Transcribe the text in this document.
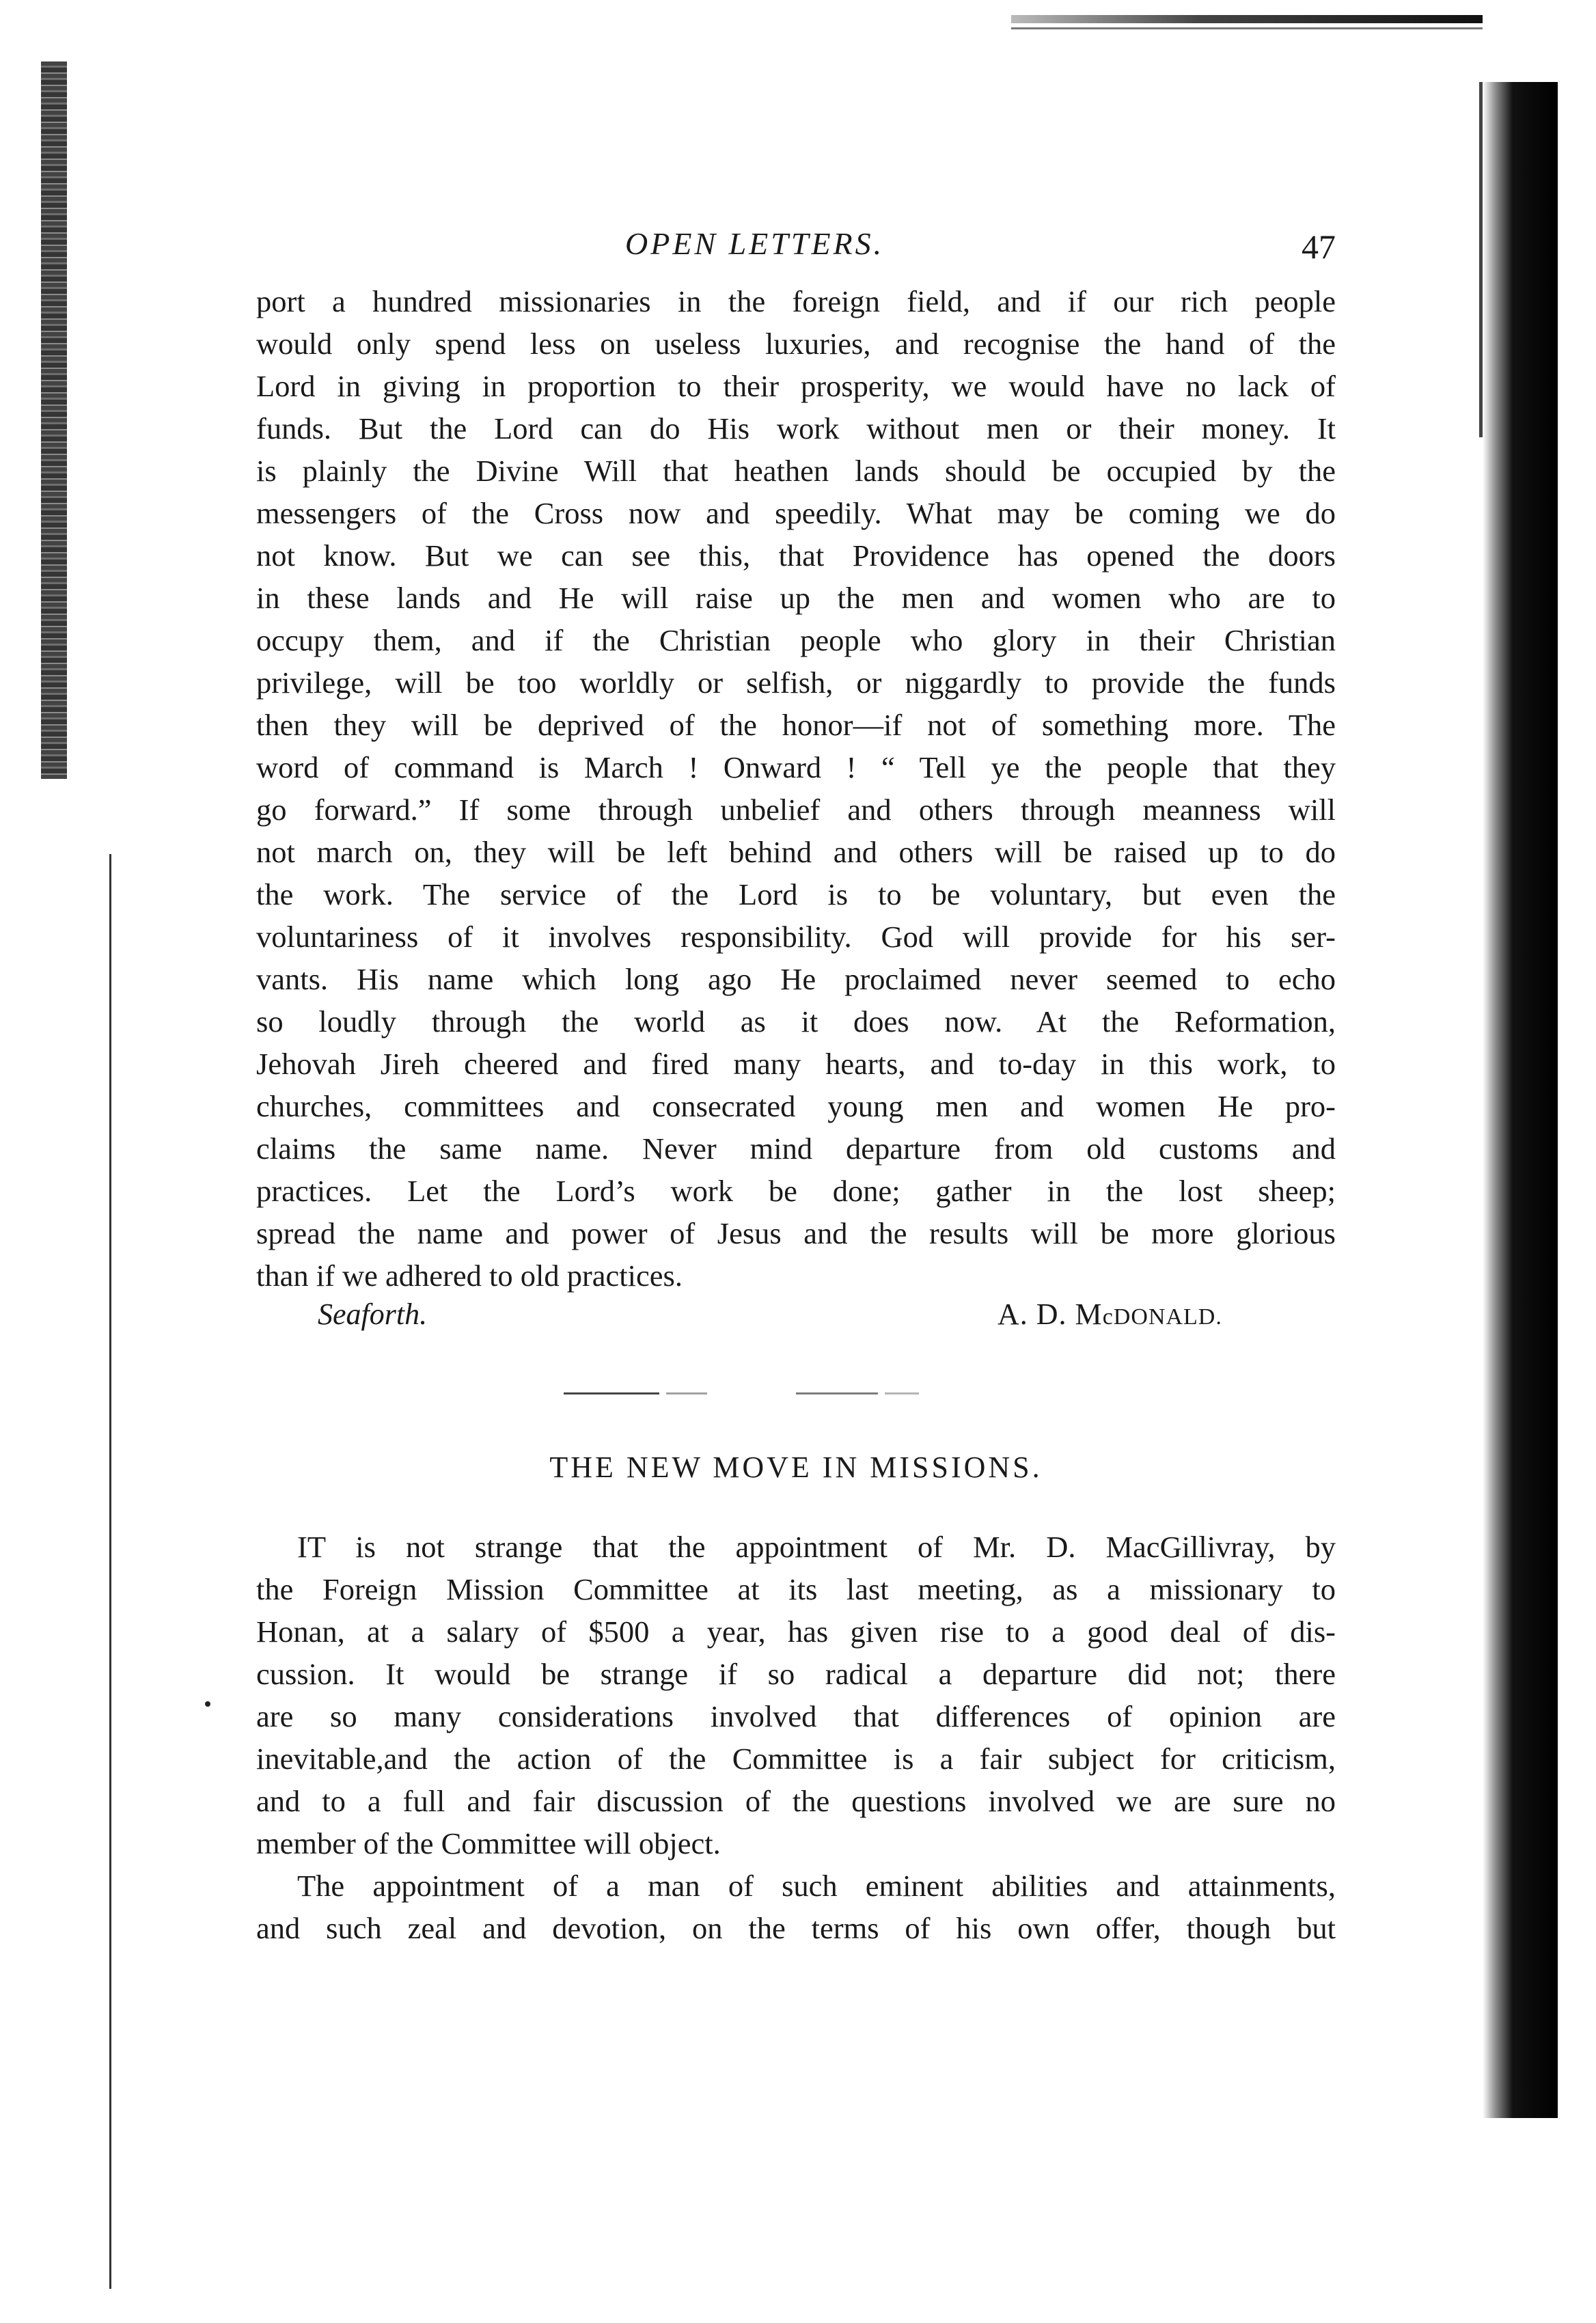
OPEN LETTERS.	47
port a hundred missionaries in the foreign field, and if our rich people
would only spend less on useless luxuries, and recognise the hand of the
Lord in giving in proportion to their prosperity, we would have no lack of
funds. But the Lord can do His work without men or their money. It
is plainly the Divine Will that heathen lands should be occupied by the
messengers of the Cross now and speedily. What may be coming we do
not know. But we can see this, that Providence has opened the doors
in these lands and He will raise up the men and women who are to
occupy them, and if the Christian people who glory in their Christian
privilege, will be too worldly or selfish, or niggardly to provide the funds
then they will be deprived of the honor—if not of something more. The
word of command is March ! Onward ! “ Tell ye the people that they
go forward.” If some through unbelief and others through meanness will
not march on, they will be left behind and others will be raised up to do
the work. The service of the Lord is to be voluntary, but even the
voluntariness of it involves responsibility. God will provide for his ser-
vants. His name which long ago He proclaimed never seemed to echo
so loudly through the world as it does now. At the Reformation,
Jehovah Jireh cheered and fired many hearts, and to-day in this work, to
churches, committees and consecrated young men and women He pro-
claims the same name. Never mind departure from old customs and
practices. Let the Lord’s work be done; gather in the lost sheep;
spread the name and power of Jesus and the results will be more glorious
than if we adhered to old practices.
Seaforth.	A. D. McDONALD.
THE NEW MOVE IN MISSIONS.
IT is not strange that the appointment of Mr. D. MacGillivray, by
the Foreign Mission Committee at its last meeting, as a missionary to
Honan, at a salary of $500 a year, has given rise to a good deal of dis-
cussion. It would be strange if so radical a departure did not; there
are so many considerations involved that differences of opinion are
inevitable,and the action of the Committee is a fair subject for criticism,
and to a full and fair discussion of the questions involved we are sure no
member of the Committee will object.
The appointment of a man of such eminent abilities and attainments,
and such zeal and devotion, on the terms of his own offer, though but
